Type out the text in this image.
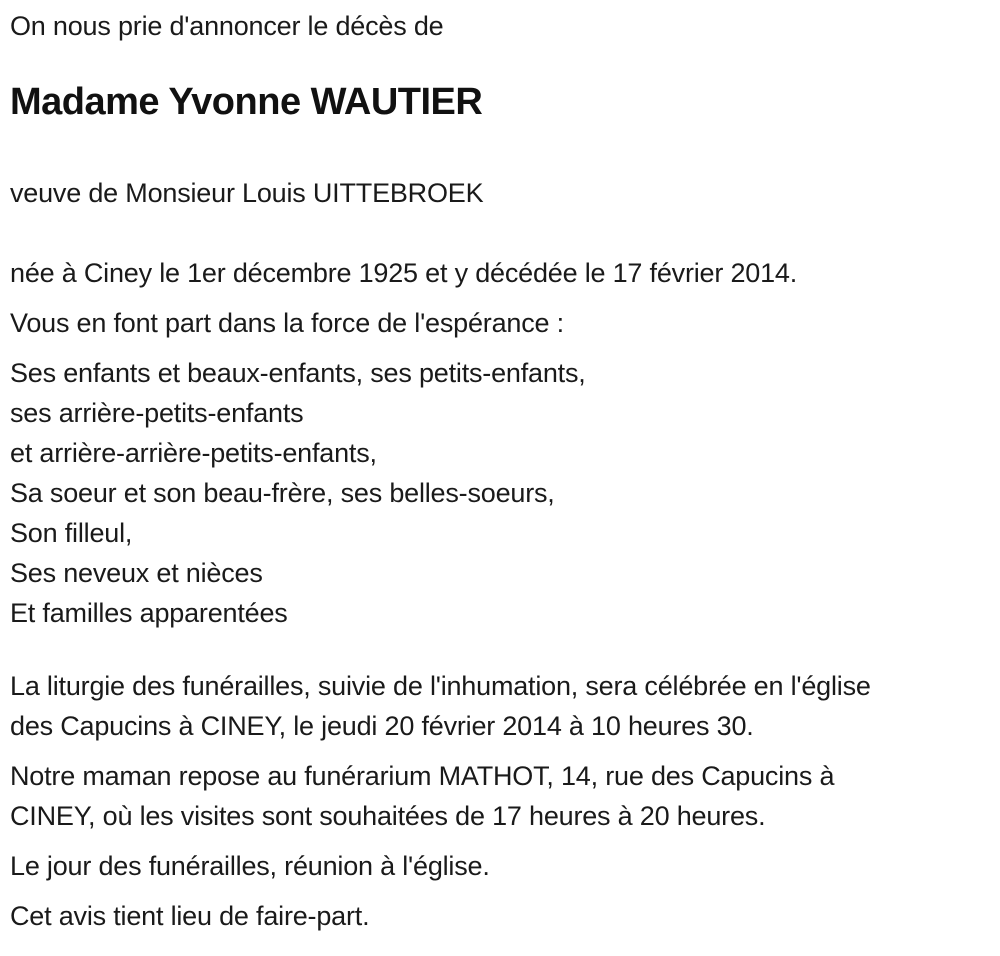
On nous prie d'annoncer le décès de

Madame Yvonne WAUTIER

veuve de Monsieur Louis UITTEBROEK

née à Ciney le 1er décembre 1925 et y décédée le 17 février 2014.

Vous en font part dans la force de l'espérance :

Ses enfants et beaux-enfants, ses petits-enfants,
ses arrière-petits-enfants
et arrière-arrière-petits-enfants,
Sa soeur et son beau-frère, ses belles-soeurs,
Son filleul,
Ses neveux et nièces
Et familles apparentées

La liturgie des funérailles, suivie de l'inhumation, sera célébrée en l'église

des Capucins à CINEY, le jeudi 20 février 2014 à 10 heures 30.

Notre maman repose au funérarium MATHOT, 14, rue des Capucins à

CINEY, où les visites sont souhaitées de 17 heures à 20 heures.

Le jour des funérailles, réunion à l'église.

Cet avis tient lieu de faire-part.
